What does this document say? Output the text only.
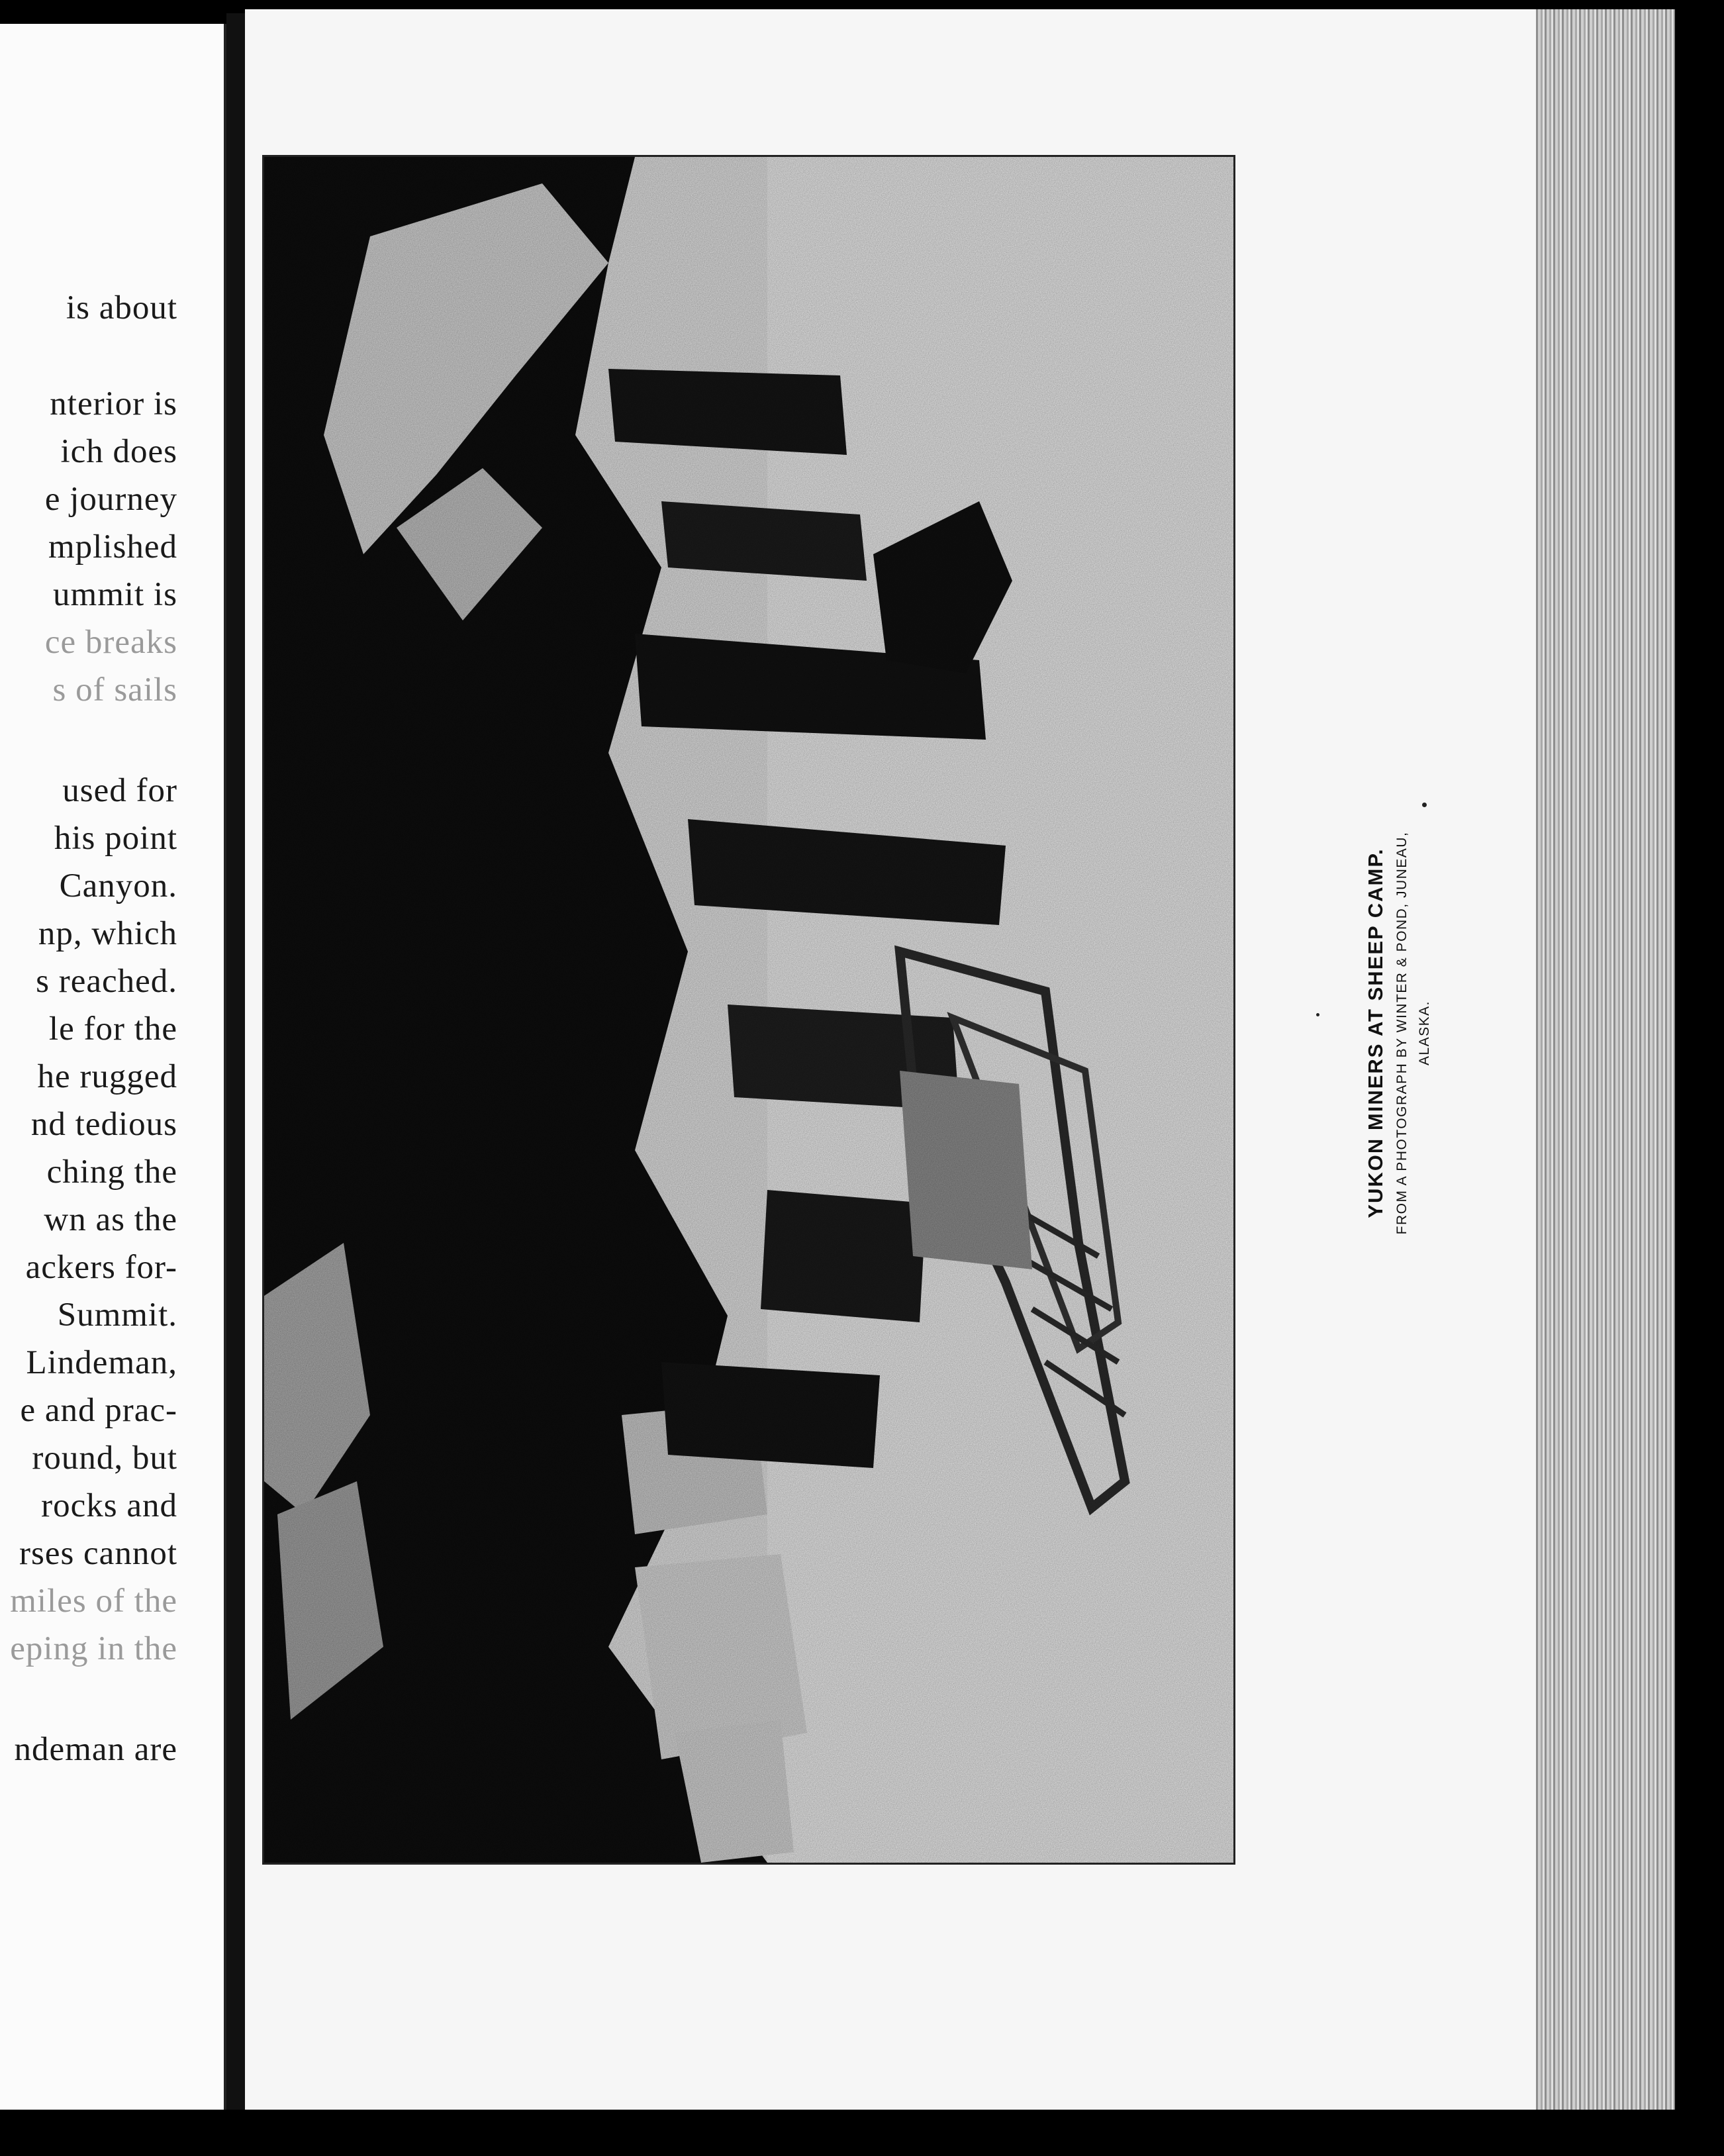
is about
nterior is
ich does
e journey
mplished
ummit is
ce breaks
s of sails
used for
his point
Canyon.
np, which
s reached.
le for the
he rugged
nd tedious
ching the
wn as the
ackers for-
Summit.
Lindeman,
e and prac-
round, but
rocks and
rses cannot
miles of the
eping in the
ndeman are
YUKON MINERS AT SHEEP CAMP. FROM A PHOTOGRAPH BY WINTER & POND, JUNEAU, ALASKA.
